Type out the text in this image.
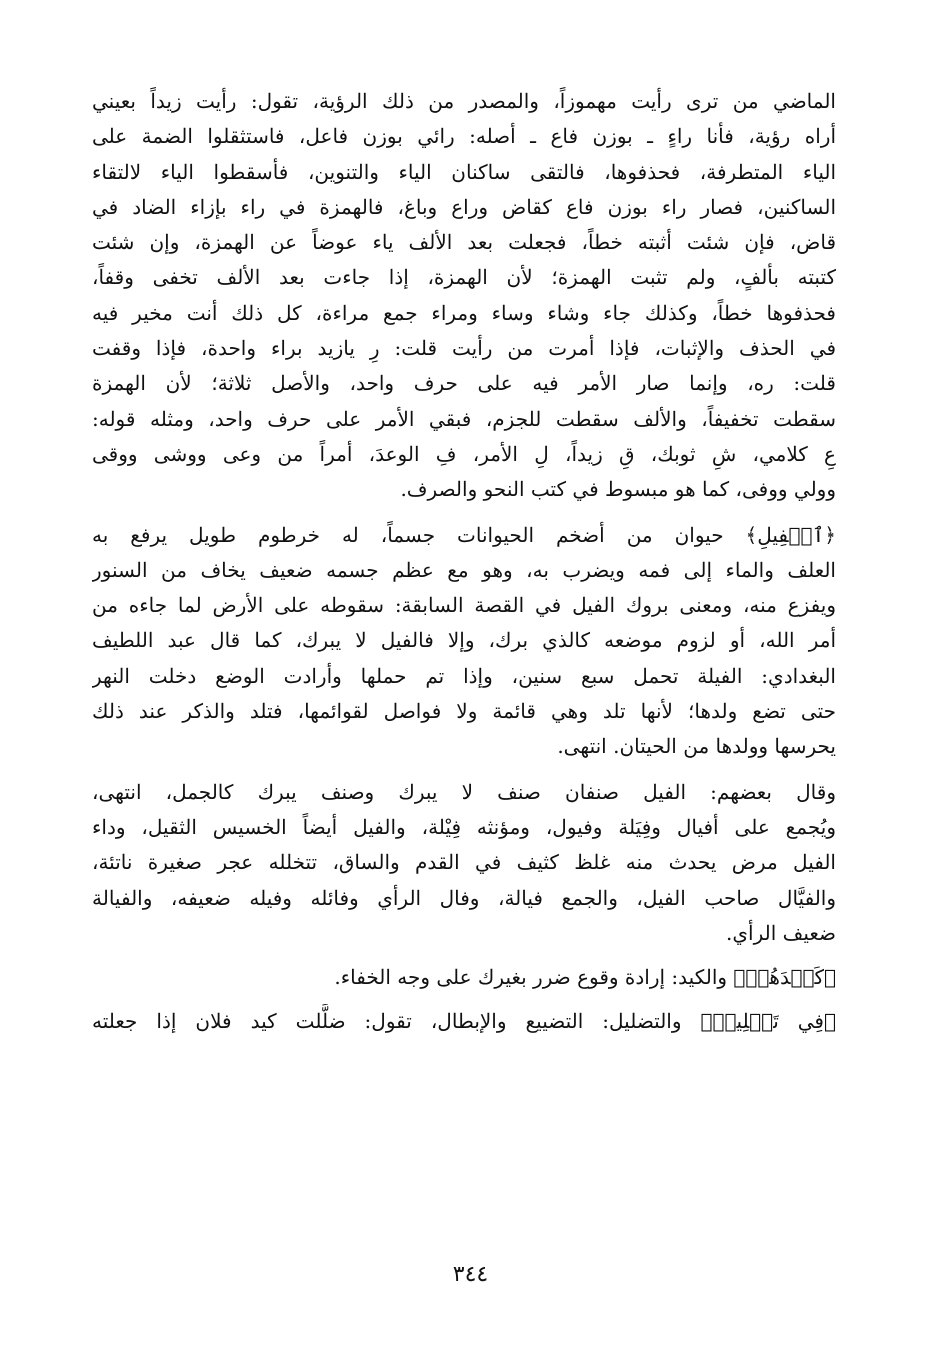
الماضي من ترى رأيت مهموزاً، والمصدر من ذلك الرؤية، تقول: رأيت زيداً بعيني
أراه رؤية، فأنا راءٍ ـ بوزن فاع ـ أصله: رائي بوزن فاعل، فاستثقلوا الضمة على
الياء المتطرفة، فحذفوها، فالتقى ساكنان الياء والتنوين، فأسقطوا الياء لالتقاء
الساكنين، فصار راء بوزن فاع كقاض وراع وباغ، فالهمزة في راء بإزاء الضاد في
قاض، فإن شئت أثبته خطاً، فجعلت بعد الألف ياء عوضاً عن الهمزة، وإن شئت
كتبته بألفٍ، ولم تثبت الهمزة؛ لأن الهمزة، إذا جاءت بعد الألف تخفى وقفاً،
فحذفوها خطاً، وكذلك جاء وشاء وساء ومراء جمع مراءة، كل ذلك أنت مخير فيه
في الحذف والإثبات، فإذا أمرت من رأيت قلت: رِ يازيد براء واحدة، فإذا وقفت
قلت: ره، وإنما صار الأمر فيه على حرف واحد، والأصل ثلاثة؛ لأن الهمزة
سقطت تخفيفاً، والألف سقطت للجزم، فبقي الأمر على حرف واحد، ومثله قوله:
عِ كلامي، شِ ثوبك، قِ زيداً، لِ الأمر، فِ الوعدَ، أمراً من وعى ووشى ووقى
وولي ووفى، كما هو مبسوط في كتب النحو والصرف.
﴿ٱلۡفِيلِ﴾ حيوان من أضخم الحيوانات جسماً، له خرطوم طويل يرفع به
العلف والماء إلى فمه ويضرب به، وهو مع عظم جسمه ضعيف يخاف من السنور
ويفزع منه، ومعنى بروك الفيل في القصة السابقة: سقوطه على الأرض لما جاءه من
أمر الله، أو لزوم موضعه كالذي برك، وإلا فالفيل لا يبرك، كما قال عبد اللطيف
البغدادي: الفيلة تحمل سبع سنين، وإذا تم حملها وأرادت الوضع دخلت النهر
حتى تضع ولدها؛ لأنها تلد وهي قائمة ولا فواصل لقوائمها، فتلد والذكر عند ذلك
يحرسها وولدها من الحيتان. انتهى.
وقال بعضهم: الفيل صنفان صنف لا يبرك وصنف يبرك كالجمل، انتهى،
ويُجمع على أفيال وفِيَلة وفيول، ومؤنثه فِيْلة، والفيل أيضاً الخسيس الثقيل، وداء
الفيل مرض يحدث منه غلظ كثيف في القدم والساق، تتخلله عجر صغيرة ناتئة،
والفيَّال صاحب الفيل، والجمع فيالة، وفال الرأي وفائله وفيله ضعيفه، والفيالة
ضعيف الرأي.
﴿كَيۡدَهُمۡ﴾ والكيد: إرادة وقوع ضرر بغيرك على وجه الخفاء.
﴿فِي تَضۡلِيلٖ﴾ والتضليل: التضييع والإبطال، تقول: ضلَّلت كيد فلان إذا جعلته
٣٤٤
